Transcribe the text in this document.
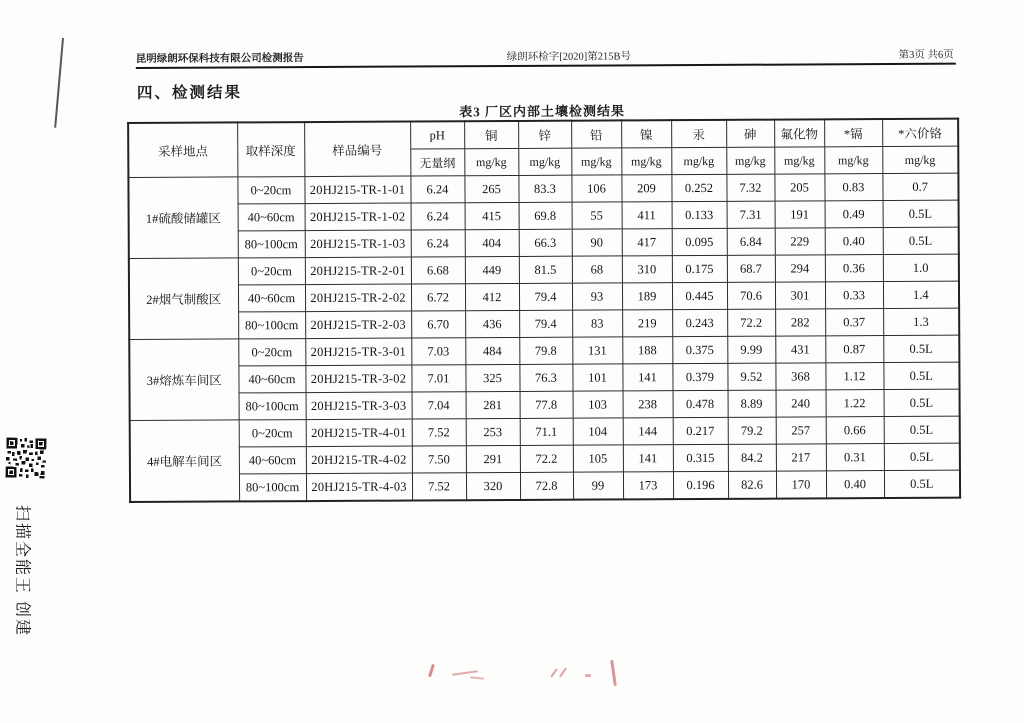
扫描全能王 创建
昆明绿朗环保科技有限公司检测报告	绿朗环检字[2020]第215B号	第3页 共6页
四、检测结果
表3 厂区内部土壤检测结果
采样地点	取样深度	样品编号	pH	铜	锌	铅	镍	汞	砷	氟化物	*镉	*六价铬
			无量纲	mg/kg	mg/kg	mg/kg	mg/kg	mg/kg	mg/kg	mg/kg	mg/kg	mg/kg
1#硫酸储罐区	0~20cm	20HJ215-TR-1-01	6.24	265	83.3	106	209	0.252	7.32	205	0.83	0.7
	40~60cm	20HJ215-TR-1-02	6.24	415	69.8	55	411	0.133	7.31	191	0.49	0.5L
	80~100cm	20HJ215-TR-1-03	6.24	404	66.3	90	417	0.095	6.84	229	0.40	0.5L
2#烟气制酸区	0~20cm	20HJ215-TR-2-01	6.68	449	81.5	68	310	0.175	68.7	294	0.36	1.0
	40~60cm	20HJ215-TR-2-02	6.72	412	79.4	93	189	0.445	70.6	301	0.33	1.4
	80~100cm	20HJ215-TR-2-03	6.70	436	79.4	83	219	0.243	72.2	282	0.37	1.3
3#熔炼车间区	0~20cm	20HJ215-TR-3-01	7.03	484	79.8	131	188	0.375	9.99	431	0.87	0.5L
	40~60cm	20HJ215-TR-3-02	7.01	325	76.3	101	141	0.379	9.52	368	1.12	0.5L
	80~100cm	20HJ215-TR-3-03	7.04	281	77.8	103	238	0.478	8.89	240	1.22	0.5L
4#电解车间区	0~20cm	20HJ215-TR-4-01	7.52	253	71.1	104	144	0.217	79.2	257	0.66	0.5L
	40~60cm	20HJ215-TR-4-02	7.50	291	72.2	105	141	0.315	84.2	217	0.31	0.5L
	80~100cm	20HJ215-TR-4-03	7.52	320	72.8	99	173	0.196	82.6	170	0.40	0.5L
